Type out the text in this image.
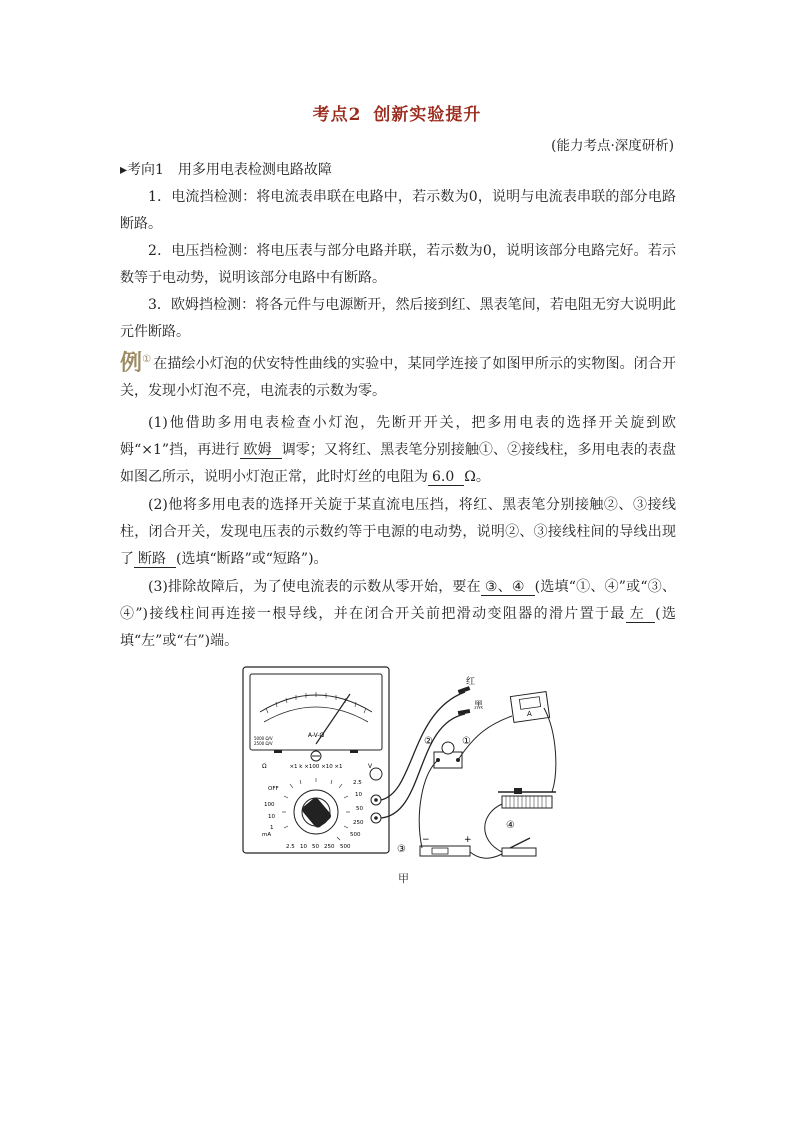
考点2 创新实验提升
(能力考点·深度研析)
▸考向1　用多用电表检测电路故障
1．电流挡检测：将电流表串联在电路中，若示数为0，说明与电流表串联的部分电路断路。
2．电压挡检测：将电压表与部分电路并联，若示数为0，说明该部分电路完好。若示数等于电动势，说明该部分电路中有断路。
3．欧姆挡检测：将各元件与电源断开，然后接到红、黑表笔间，若电阻无穷大说明此元件断路。
例① 在描绘小灯泡的伏安特性曲线的实验中，某同学连接了如图甲所示的实物图。闭合开关，发现小灯泡不亮，电流表的示数为零。
(1)他借助多用电表检查小灯泡，先断开开关，把多用电表的选择开关旋到欧姆“×1”挡，再进行 欧姆 调零；又将红、黑表笔分别接触①、②接线柱，多用电表的表盘如图乙所示，说明小灯泡正常，此时灯丝的电阻为 6.0 Ω。
(2)他将多用电表的选择开关旋于某直流电压挡，将红、黑表笔分别接触②、③接线柱，闭合开关，发现电压表的示数约等于电源的电动势，说明②、③接线柱间的导线出现了 断路 (选填“断路”或“短路”)。
(3)排除故障后，为了使电流表的示数从零开始，要在 ③、④ (选填“①、④”或“③、④”)接线柱间再连接一根导线，并在闭合开关前把滑动变阻器的滑片置于最 左 (选填“左”或“右”)端。
A-V-Ω
5000 Ω/V
2500 Ω/V
×1 k ×100 ×10 ×1
Ω	V
OFF
100
10
1
mA
2.5
10
50
250
500
2.5 10 50 250 500
红
黑
②	①
A
④
−	+
③
甲
